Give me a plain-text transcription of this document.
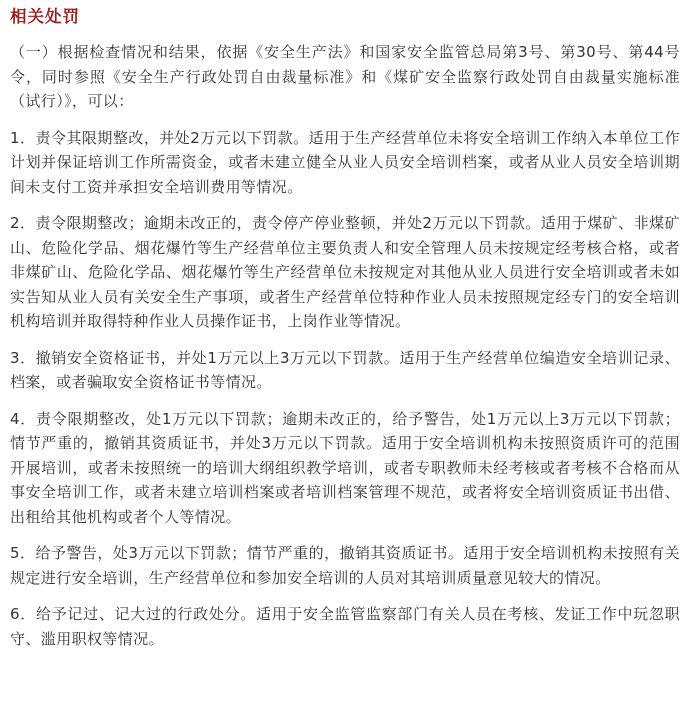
相关处罚

（一）根据检查情况和结果，依据《安全生产法》和国家安全监管总局第3号、第30号、第44号令，同时参照《安全生产行政处罚自由裁量标准》和《煤矿安全监察行政处罚自由裁量实施标准（试行）》，可以：

1．责令其限期整改，并处2万元以下罚款。适用于生产经营单位未将安全培训工作纳入本单位工作计划并保证培训工作所需资金，或者未建立健全从业人员安全培训档案，或者从业人员安全培训期间未支付工资并承担安全培训费用等情况。

2．责令限期整改；逾期未改正的，责令停产停业整顿，并处2万元以下罚款。适用于煤矿、非煤矿山、危险化学品、烟花爆竹等生产经营单位主要负责人和安全管理人员未按规定经考核合格，或者非煤矿山、危险化学品、烟花爆竹等生产经营单位未按规定对其他从业人员进行安全培训或者未如实告知从业人员有关安全生产事项，或者生产经营单位特种作业人员未按照规定经专门的安全培训机构培训并取得特种作业人员操作证书，上岗作业等情况。

3．撤销安全资格证书，并处1万元以上3万元以下罚款。适用于生产经营单位编造安全培训记录、档案，或者骗取安全资格证书等情况。

4．责令限期整改，处1万元以下罚款；逾期未改正的，给予警告，处1万元以上3万元以下罚款；情节严重的，撤销其资质证书，并处3万元以下罚款。适用于安全培训机构未按照资质许可的范围开展培训，或者未按照统一的培训大纲组织教学培训，或者专职教师未经考核或者考核不合格而从事安全培训工作，或者未建立培训档案或者培训档案管理不规范，或者将安全培训资质证书出借、出租给其他机构或者个人等情况。

5．给予警告，处3万元以下罚款；情节严重的，撤销其资质证书。适用于安全培训机构未按照有关规定进行安全培训，生产经营单位和参加安全培训的人员对其培训质量意见较大的情况。

6．给予记过、记大过的行政处分。适用于安全监管监察部门有关人员在考核、发证工作中玩忽职守、滥用职权等情况。
